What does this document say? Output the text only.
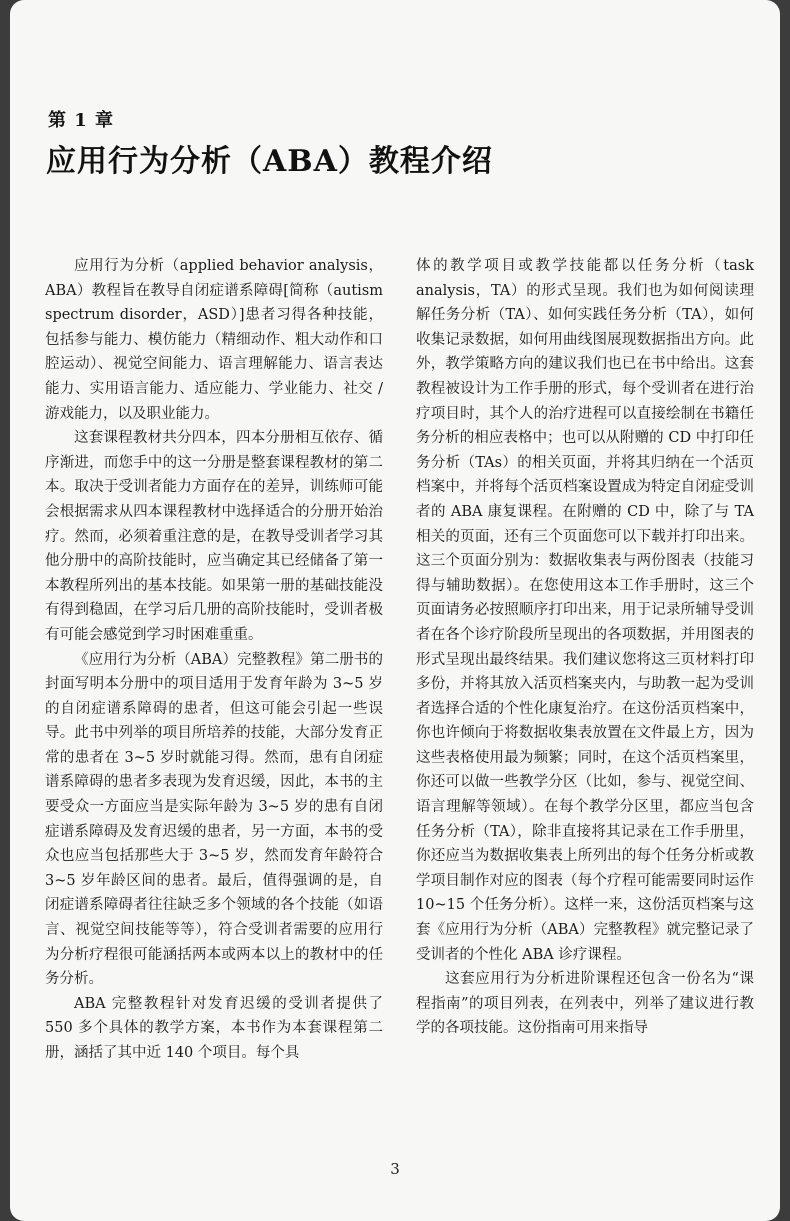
第 1 章
应用行为分析（ABA）教程介绍

应用行为分析（applied behavior analysis，ABA）教程旨在教导自闭症谱系障碍[简称（autism spectrum disorder，ASD）]患者习得各种技能，包括参与能力、模仿能力（精细动作、粗大动作和口腔运动）、视觉空间能力、语言理解能力、语言表达能力、实用语言能力、适应能力、学业能力、社交 / 游戏能力，以及职业能力。

这套课程教材共分四本，四本分册相互依存、循序渐进，而您手中的这一分册是整套课程教材的第二本。取决于受训者能力方面存在的差异，训练师可能会根据需求从四本课程教材中选择适合的分册开始治疗。然而，必须着重注意的是，在教导受训者学习其他分册中的高阶技能时，应当确定其已经储备了第一本教程所列出的基本技能。如果第一册的基础技能没有得到稳固，在学习后几册的高阶技能时，受训者极有可能会感觉到学习时困难重重。

《应用行为分析（ABA）完整教程》第二册书的封面写明本分册中的项目适用于发育年龄为 3~5 岁的自闭症谱系障碍的患者，但这可能会引起一些误导。此书中列举的项目所培养的技能，大部分发育正常的患者在 3~5 岁时就能习得。然而，患有自闭症谱系障碍的患者多表现为发育迟缓，因此，本书的主要受众一方面应当是实际年龄为 3~5 岁的患有自闭症谱系障碍及发育迟缓的患者，另一方面，本书的受众也应当包括那些大于 3~5 岁，然而发育年龄符合 3~5 岁年龄区间的患者。最后，值得强调的是，自闭症谱系障碍者往往缺乏多个领域的各个技能（如语言、视觉空间技能等等），符合受训者需要的应用行为分析疗程很可能涵括两本或两本以上的教材中的任务分析。

ABA 完整教程针对发育迟缓的受训者提供了 550 多个具体的教学方案，本书作为本套课程第二册，涵括了其中近 140 个项目。每个具

体的教学项目或教学技能都以任务分析（task analysis，TA）的形式呈现。我们也为如何阅读理解任务分析（TA）、如何实践任务分析（TA），如何收集记录数据，如何用曲线图展现数据指出方向。此外，教学策略方向的建议我们也已在书中给出。这套教程被设计为工作手册的形式，每个受训者在进行治疗项目时，其个人的治疗进程可以直接绘制在书籍任务分析的相应表格中；也可以从附赠的 CD 中打印任务分析（TAs）的相关页面，并将其归纳在一个活页档案中，并将每个活页档案设置成为特定自闭症受训者的 ABA 康复课程。在附赠的 CD 中，除了与 TA 相关的页面，还有三个页面您可以下载并打印出来。这三个页面分别为：数据收集表与两份图表（技能习得与辅助数据）。在您使用这本工作手册时，这三个页面请务必按照顺序打印出来，用于记录所辅导受训者在各个诊疗阶段所呈现出的各项数据，并用图表的形式呈现出最终结果。我们建议您将这三页材料打印多份，并将其放入活页档案夹内，与助教一起为受训者选择合适的个性化康复治疗。在这份活页档案中，你也许倾向于将数据收集表放置在文件最上方，因为这些表格使用最为频繁；同时，在这个活页档案里，你还可以做一些教学分区（比如，参与、视觉空间、语言理解等领域）。在每个教学分区里，都应当包含任务分析（TA），除非直接将其记录在工作手册里，你还应当为数据收集表上所列出的每个任务分析或教学项目制作对应的图表（每个疗程可能需要同时运作 10~15 个任务分析）。这样一来，这份活页档案与这套《应用行为分析（ABA）完整教程》就完整记录了受训者的个性化 ABA 诊疗课程。

这套应用行为分析进阶课程还包含一份名为“课程指南”的项目列表，在列表中，列举了建议进行教学的各项技能。这份指南可用来指导

3
